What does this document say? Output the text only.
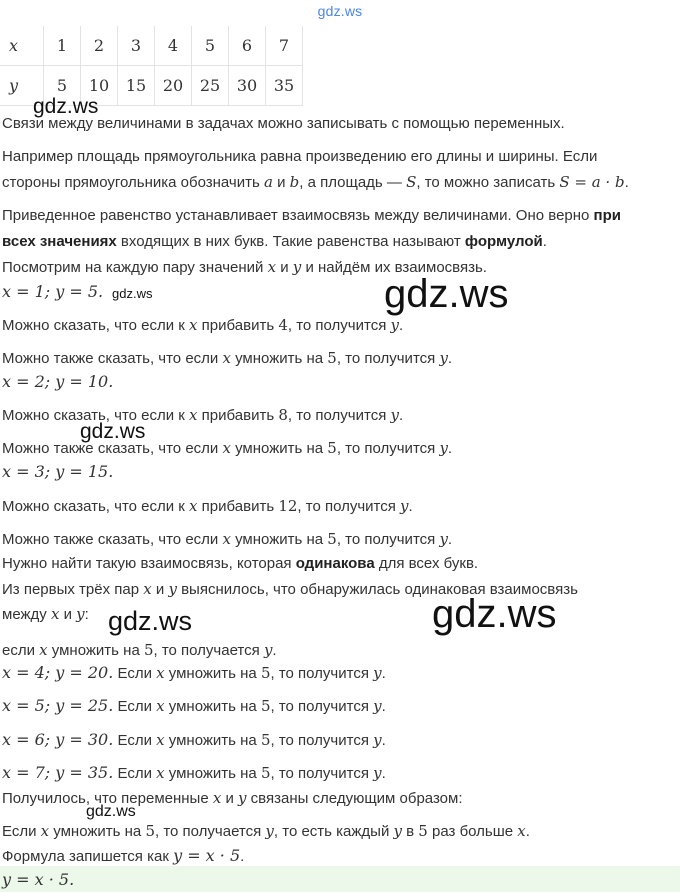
gdz.ws
x	1	2	3	4	5	6	7
y	5	10	15	20	25	30	35
Связи между величинами в задачах можно записывать с помощью переменных.
Например площадь прямоугольника равна произведению его длины и ширины. Если
стороны прямоугольника обозначить a и b, а площадь — S, то можно записать S = a · b.
Приведенное равенство устанавливает взаимосвязь между величинами. Оно верно при
всех значениях входящих в них букв. Такие равенства называют формулой.
Посмотрим на каждую пару значений x и y и найдём их взаимосвязь.
x = 1; y = 5.
Можно сказать, что если к x прибавить 4, то получится y.
Можно также сказать, что если x умножить на 5, то получится y.
x = 2; y = 10.
Можно сказать, что если к x прибавить 8, то получится y.
Можно также сказать, что если x умножить на 5, то получится y.
x = 3; y = 15.
Можно сказать, что если к x прибавить 12, то получится y.
Можно также сказать, что если x умножить на 5, то получится y.
Нужно найти такую взаимосвязь, которая одинакова для всех букв.
Из первых трёх пар x и y выяснилось, что обнаружилась одинаковая взаимосвязь
между x и y:
если x умножить на 5, то получается y.
x = 4; y = 20. Если x умножить на 5, то получится y.
x = 5; y = 25. Если x умножить на 5, то получится y.
x = 6; y = 30. Если x умножить на 5, то получится y.
x = 7; y = 35. Если x умножить на 5, то получится y.
Получилось, что переменные x и y связаны следующим образом:
Если x умножить на 5, то получается y, то есть каждый y в 5 раз больше x.
Формула запишется как y = x · 5.
y = x · 5.
gdz.ws
gdz.ws	gdz.ws
gdz.ws
gdz.ws	gdz.ws
gdz.ws
